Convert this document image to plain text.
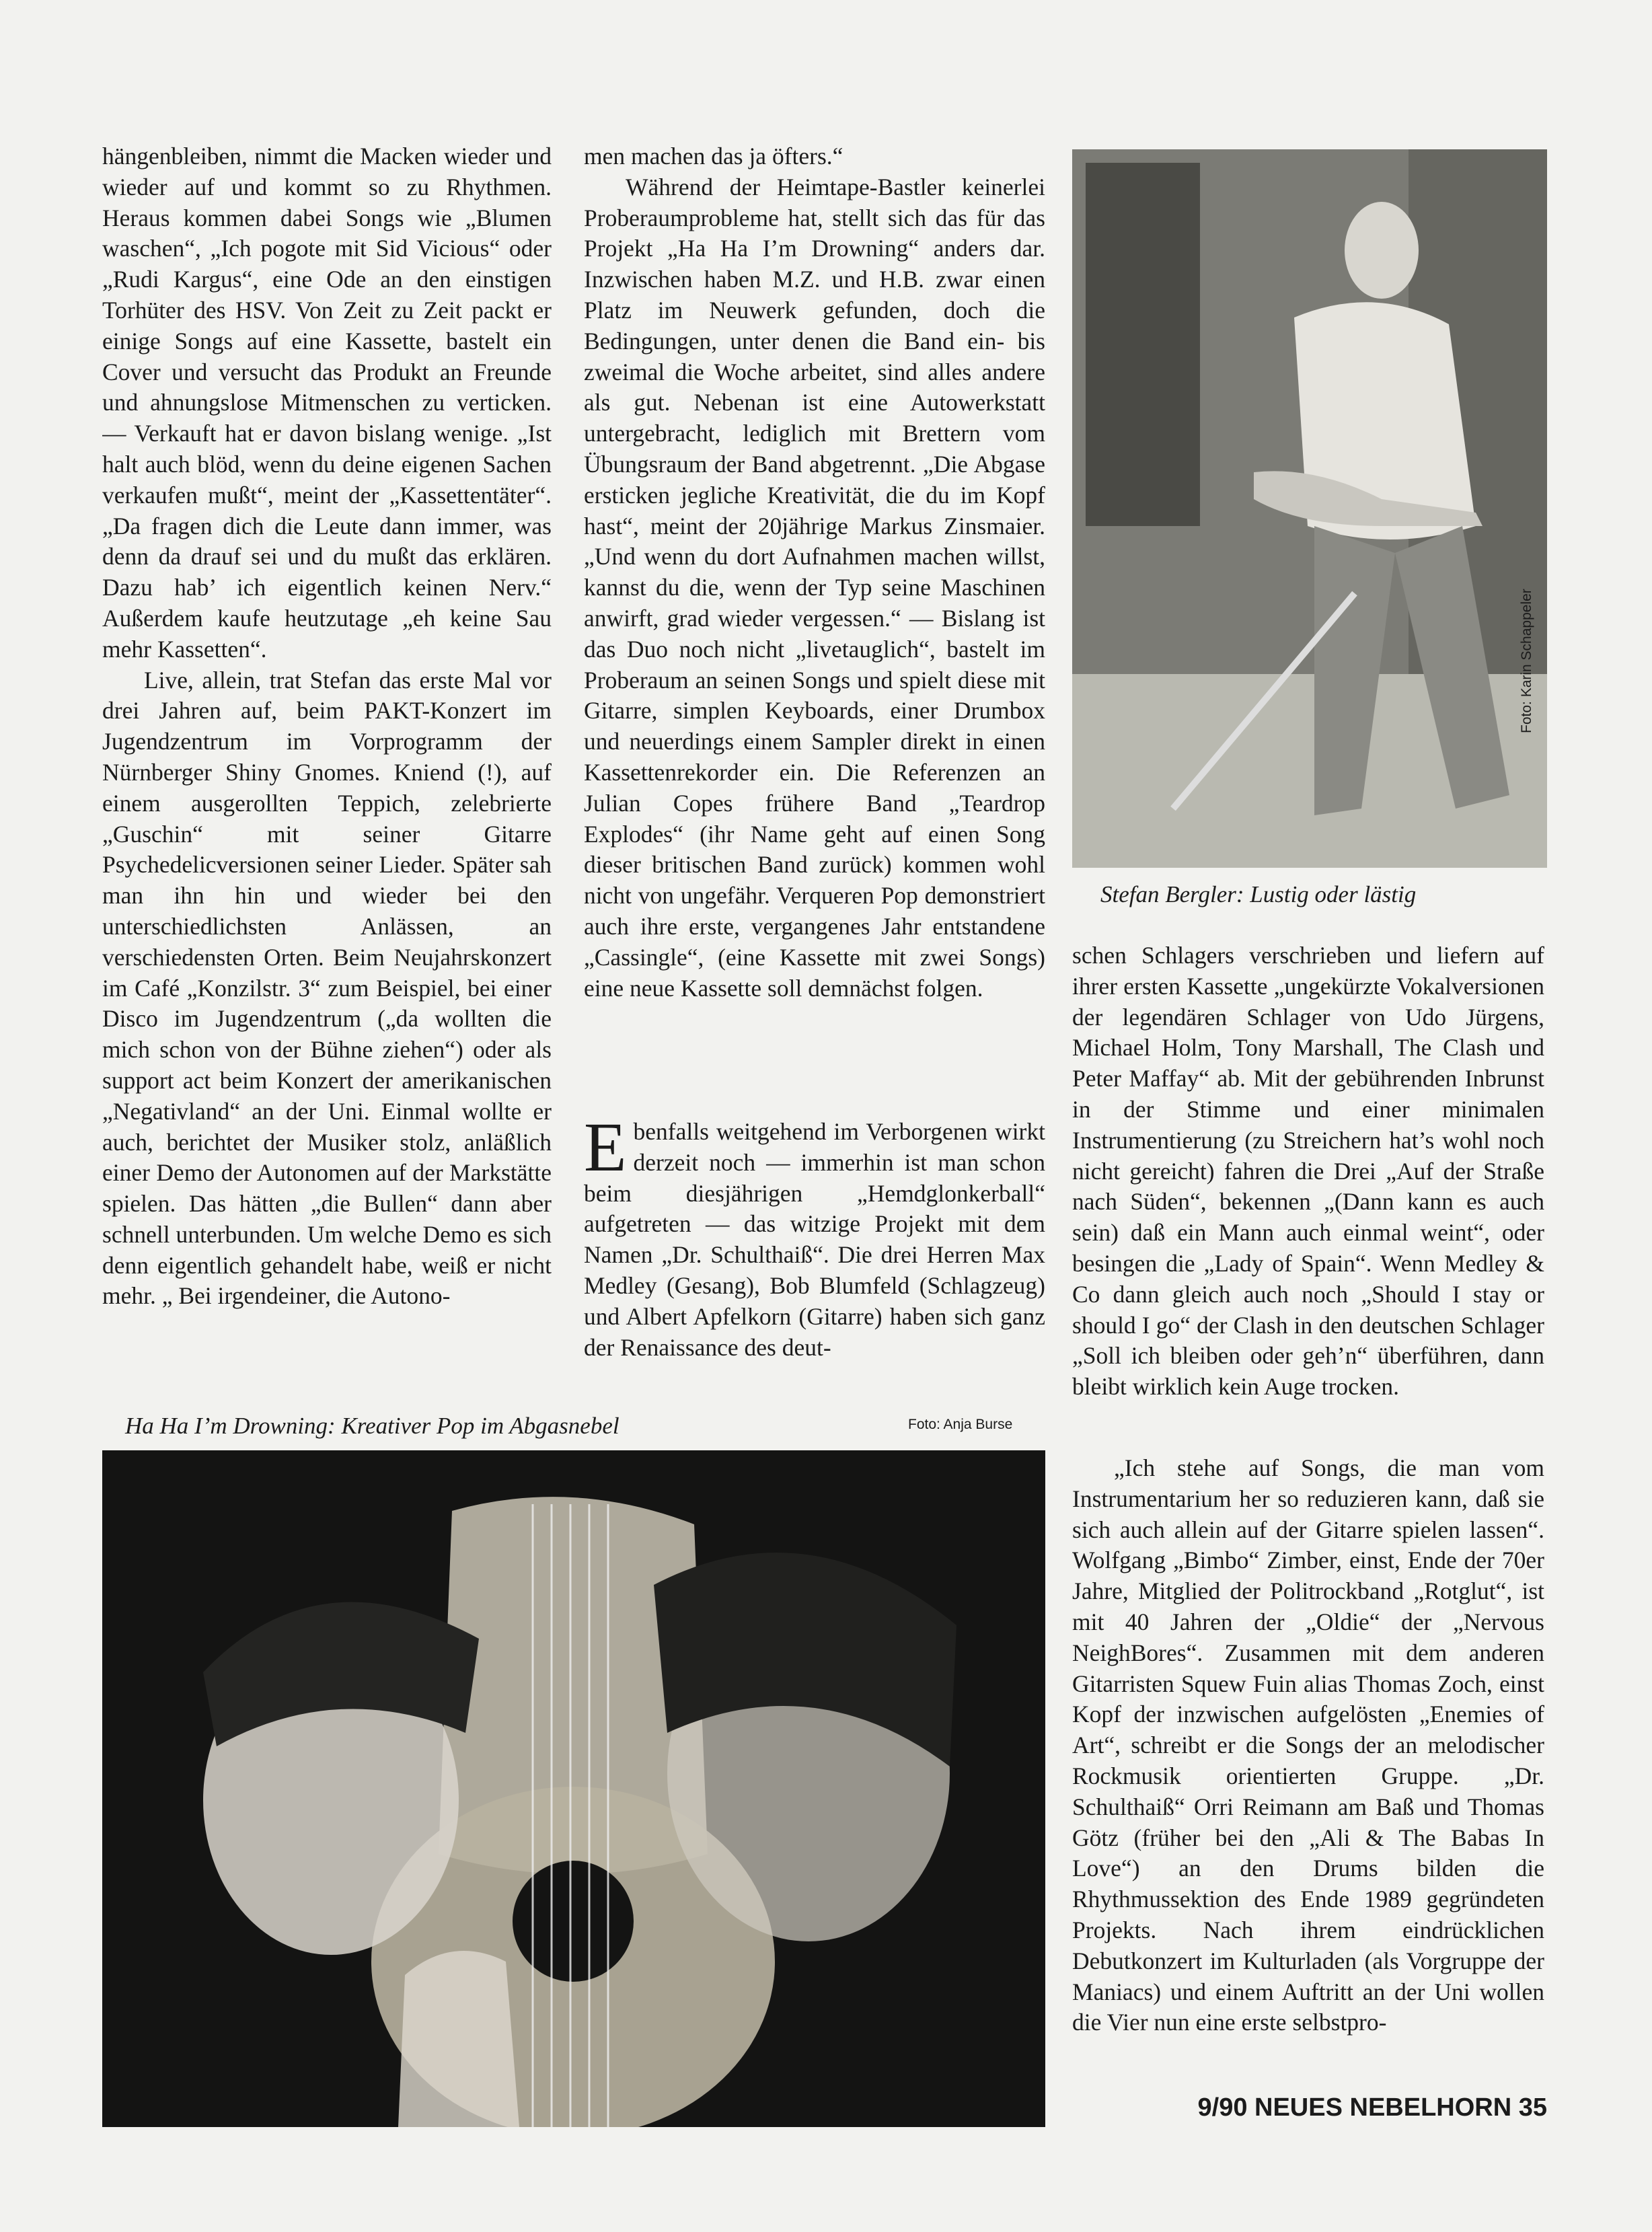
hängenbleiben, nimmt die Macken wieder und wieder auf und kommt so zu Rhythmen. Heraus kommen dabei Songs wie „Blumen waschen“, „Ich pogote mit Sid Vicious“ oder „Rudi Kargus“, eine Ode an den einstigen Torhüter des HSV. Von Zeit zu Zeit packt er einige Songs auf eine Kassette, bastelt ein Cover und versucht das Produkt an Freunde und ahnungslose Mitmenschen zu verticken. — Verkauft hat er davon bislang wenige. „Ist halt auch blöd, wenn du deine eigenen Sachen verkaufen mußt“, meint der „Kassettentäter“. „Da fragen dich die Leute dann immer, was denn da drauf sei und du mußt das erklären. Dazu hab’ ich eigentlich keinen Nerv.“ Außerdem kaufe heutzutage „eh keine Sau mehr Kassetten“.

Live, allein, trat Stefan das erste Mal vor drei Jahren auf, beim PAKT-Konzert im Jugendzentrum im Vorprogramm der Nürnberger Shiny Gnomes. Kniend (!), auf einem ausgerollten Teppich, zelebrierte „Guschin“ mit seiner Gitarre Psychedelicversionen seiner Lieder. Später sah man ihn hin und wieder bei den unterschiedlichsten Anlässen, an verschiedensten Orten. Beim Neujahrskonzert im Café „Konzilstr. 3“ zum Beispiel, bei einer Disco im Jugendzentrum („da wollten die mich schon von der Bühne ziehen“) oder als support act beim Konzert der amerikanischen „Negativland“ an der Uni. Einmal wollte er auch, berichtet der Musiker stolz, anläßlich einer Demo der Autonomen auf der Markstätte spielen. Das hätten „die Bullen“ dann aber schnell unterbunden. Um welche Demo es sich denn eigentlich gehandelt habe, weiß er nicht mehr. „ Bei irgendeiner, die Autono-

men machen das ja öfters.“

Während der Heimtape-Bastler keinerlei Proberaumprobleme hat, stellt sich das für das Projekt „Ha Ha I’m Drowning“ anders dar. Inzwischen haben M.Z. und H.B. zwar einen Platz im Neuwerk gefunden, doch die Bedingungen, unter denen die Band ein- bis zweimal die Woche arbeitet, sind alles andere als gut. Nebenan ist eine Autowerkstatt untergebracht, lediglich mit Brettern vom Übungsraum der Band abgetrennt. „Die Abgase ersticken jegliche Kreativität, die du im Kopf hast“, meint der 20jährige Markus Zinsmaier. „Und wenn du dort Aufnahmen machen willst, kannst du die, wenn der Typ seine Maschinen anwirft, grad wieder vergessen.“ — Bislang ist das Duo noch nicht „livetauglich“, bastelt im Proberaum an seinen Songs und spielt diese mit Gitarre, simplen Keyboards, einer Drumbox und neuerdings einem Sampler direkt in einen Kassettenrekorder ein. Die Referenzen an Julian Copes frühere Band „Teardrop Explodes“ (ihr Name geht auf einen Song dieser britischen Band zurück) kommen wohl nicht von ungefähr. Verqueren Pop demonstriert auch ihre erste, vergangenes Jahr entstandene „Cassingle“, (eine Kassette mit zwei Songs) eine neue Kassette soll demnächst folgen.

Ebenfalls weitgehend im Verborgenen wirkt derzeit noch — immerhin ist man schon beim diesjährigen „Hemdglonkerball“ aufgetreten — das witzige Projekt mit dem Namen „Dr. Schulthaiß“. Die drei Herren Max Medley (Gesang), Bob Blumfeld (Schlagzeug) und Albert Apfelkorn (Gitarre) haben sich ganz der Renaissance des deut-

Stefan Bergler: Lustig oder lästig
Foto: Karin Schappeler
Ha Ha I’m Drowning: Kreativer Pop im Abgasnebel	Foto: Anja Burse

schen Schlagers verschrieben und liefern auf ihrer ersten Kassette „ungekürzte Vokalversionen der legendären Schlager von Udo Jürgens, Michael Holm, Tony Marshall, The Clash und Peter Maffay“ ab. Mit der gebührenden Inbrunst in der Stimme und einer minimalen Instrumentierung (zu Streichern hat’s wohl noch nicht gereicht) fahren die Drei „Auf der Straße nach Süden“, bekennen „(Dann kann es auch sein) daß ein Mann auch einmal weint“, oder besingen die „Lady of Spain“. Wenn Medley & Co dann gleich auch noch „Should I stay or should I go“ der Clash in den deutschen Schlager „Soll ich bleiben oder geh’n“ überführen, dann bleibt wirklich kein Auge trocken.

„Ich stehe auf Songs, die man vom Instrumentarium her so reduzieren kann, daß sie sich auch allein auf der Gitarre spielen lassen“. Wolfgang „Bimbo“ Zimber, einst, Ende der 70er Jahre, Mitglied der Politrockband „Rotglut“, ist mit 40 Jahren der „Oldie“ der „Nervous NeighBores“. Zusammen mit dem anderen Gitarristen Squew Fuin alias Thomas Zoch, einst Kopf der inzwischen aufgelösten „Enemies of Art“, schreibt er die Songs der an melodischer Rockmusik orientierten Gruppe. „Dr. Schulthaiß“ Orri Reimann am Baß und Thomas Götz (früher bei den „Ali & The Babas In Love“) an den Drums bilden die Rhythmussektion des Ende 1989 gegründeten Projekts. Nach ihrem eindrücklichen Debutkonzert im Kulturladen (als Vorgruppe der Maniacs) und einem Auftritt an der Uni wollen die Vier nun eine erste selbstpro-

9/90 NEUES NEBELHORN 35
